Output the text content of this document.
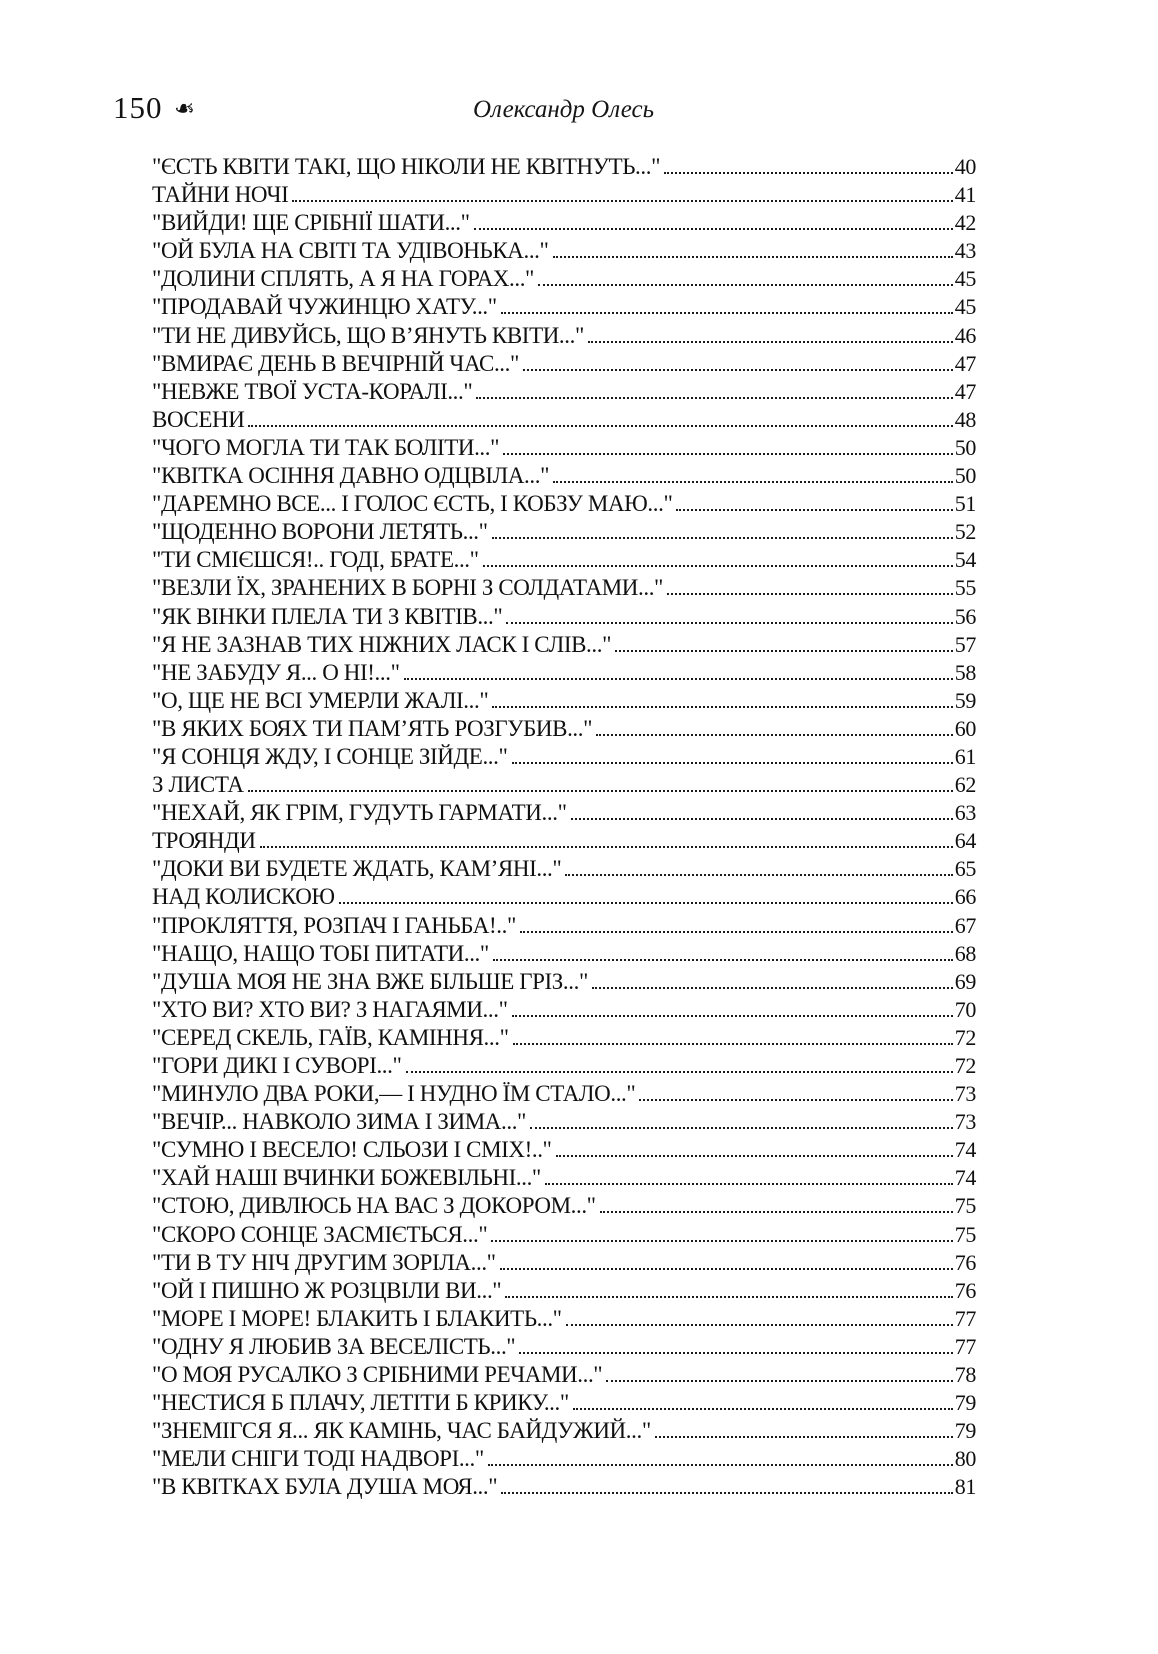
150 ❧	Олександр Олесь
"ЄСТЬ КВІТИ ТАКІ, ЩО НІКОЛИ НЕ КВІТНУТЬ..."	40
ТАЙНИ НОЧІ	41
"ВИЙДИ! ЩЕ СРІБНІЇ ШАТИ..."	42
"ОЙ БУЛА НА СВІТІ ТА УДІВОНЬКА..."	43
"ДОЛИНИ СПЛЯТЬ, А Я НА ГОРАХ..."	45
"ПРОДАВАЙ ЧУЖИНЦЮ ХАТУ..."	45
"ТИ НЕ ДИВУЙСЬ, ЩО В’ЯНУТЬ КВІТИ..."	46
"ВМИРАЄ ДЕНЬ В ВЕЧІРНІЙ ЧАС..."	47
"НЕВЖЕ ТВОЇ УСТА-КОРАЛІ..."	47
ВОСЕНИ	48
"ЧОГО МОГЛА ТИ ТАК БОЛІТИ..."	50
"КВІТКА ОСІННЯ ДАВНО ОДЦВІЛА..."	50
"ДАРЕМНО ВСЕ... І ГОЛОС ЄСТЬ, І КОБЗУ МАЮ..."	51
"ЩОДЕННО ВОРОНИ ЛЕТЯТЬ..."	52
"ТИ СМІЄШСЯ!.. ГОДІ, БРАТЕ..."	54
"ВЕЗЛИ ЇХ, ЗРАНЕНИХ В БОРНІ З СОЛДАТАМИ..."	55
"ЯК ВІНКИ ПЛЕЛА ТИ З КВІТІВ..."	56
"Я НЕ ЗАЗНАВ ТИХ НІЖНИХ ЛАСК І СЛІВ..."	57
"НЕ ЗАБУДУ Я... О НІ!..."	58
"О, ЩЕ НЕ ВСІ УМЕРЛИ ЖАЛІ..."	59
"В ЯКИХ БОЯХ ТИ ПАМ’ЯТЬ РОЗГУБИВ..."	60
"Я СОНЦЯ ЖДУ, І СОНЦЕ ЗІЙДЕ..."	61
З ЛИСТА	62
"НЕХАЙ, ЯК ГРІМ, ГУДУТЬ ГАРМАТИ..."	63
ТРОЯНДИ	64
"ДОКИ ВИ БУДЕТЕ ЖДАТЬ, КАМ’ЯНІ..."	65
НАД КОЛИСКОЮ	66
"ПРОКЛЯТТЯ, РОЗПАЧ І ГАНЬБА!.."	67
"НАЩО, НАЩО ТОБІ ПИТАТИ..."	68
"ДУША МОЯ НЕ ЗНА ВЖЕ БІЛЬШЕ ГРІЗ..."	69
"ХТО ВИ? ХТО ВИ? З НАГАЯМИ..."	70
"СЕРЕД СКЕЛЬ, ГАЇВ, КАМІННЯ..."	72
"ГОРИ ДИКІ І СУВОРІ..."	72
"МИНУЛО ДВА РОКИ,— І НУДНО ЇМ СТАЛО..."	73
"ВЕЧІР... НАВКОЛО ЗИМА І ЗИМА..."	73
"СУМНО І ВЕСЕЛО! СЛЬОЗИ І СМІХ!.."	74
"ХАЙ НАШІ ВЧИНКИ БОЖЕВІЛЬНІ..."	74
"СТОЮ, ДИВЛЮСЬ НА ВАС З ДОКОРОМ..."	75
"СКОРО СОНЦЕ ЗАСМІЄТЬСЯ..."	75
"ТИ В ТУ НІЧ ДРУГИМ ЗОРІЛА..."	76
"ОЙ І ПИШНО Ж РОЗЦВІЛИ ВИ..."	76
"МОРЕ І МОРЕ! БЛАКИТЬ І БЛАКИТЬ..."	77
"ОДНУ Я ЛЮБИВ ЗА ВЕСЕЛІСТЬ..."	77
"О МОЯ РУСАЛКО З СРІБНИМИ РЕЧАМИ..."	78
"НЕСТИСЯ Б ПЛАЧУ, ЛЕТІТИ Б КРИКУ..."	79
"ЗНЕМІГСЯ Я... ЯК КАМІНЬ, ЧАС БАЙДУЖИЙ..."	79
"МЕЛИ СНІГИ ТОДІ НАДВОРІ..."	80
"В КВІТКАХ БУЛА ДУША МОЯ..."	81
